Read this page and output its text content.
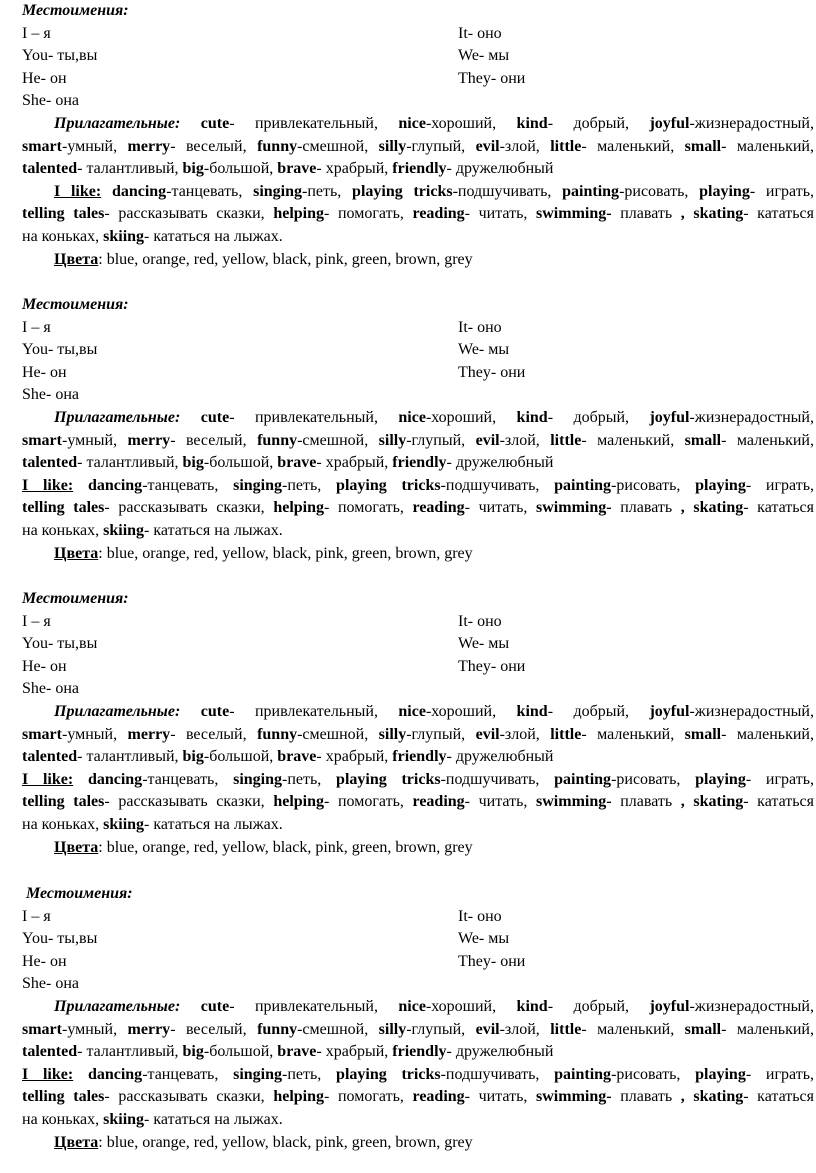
Местоимения:
I – я	It- оно
You- ты,вы	We- мы
He- он	They- они
She- она
Прилагательные: cute- привлекательный, nice-хороший, kind- добрый, joyful-жизнерадостный,
smart-умный, merry- веселый, funny-смешной, silly-глупый, evil-злой, little- маленький, small- маленький,
talented- талантливый, big-большой, brave- храбрый, friendly- дружелюбный
I like: dancing-танцевать, singing-петь, playing tricks-подшучивать, painting-рисовать, playing- играть,
telling tales- рассказывать сказки, helping- помогать, reading- читать, swimming- плавать , skating- кататься
на коньках, skiing- кататься на лыжах.
Цвета: blue, orange, red, yellow, black, pink, green, brown, grey
Местоимения:
I – я	It- оно
You- ты,вы	We- мы
He- он	They- они
She- она
Прилагательные: cute- привлекательный, nice-хороший, kind- добрый, joyful-жизнерадостный,
smart-умный, merry- веселый, funny-смешной, silly-глупый, evil-злой, little- маленький, small- маленький,
talented- талантливый, big-большой, brave- храбрый, friendly- дружелюбный
I like: dancing-танцевать, singing-петь, playing tricks-подшучивать, painting-рисовать, playing- играть,
telling tales- рассказывать сказки, helping- помогать, reading- читать, swimming- плавать , skating- кататься
на коньках, skiing- кататься на лыжах.
Цвета: blue, orange, red, yellow, black, pink, green, brown, grey
Местоимения:
I – я	It- оно
You- ты,вы	We- мы
He- он	They- они
She- она
Прилагательные: cute- привлекательный, nice-хороший, kind- добрый, joyful-жизнерадостный,
smart-умный, merry- веселый, funny-смешной, silly-глупый, evil-злой, little- маленький, small- маленький,
talented- талантливый, big-большой, brave- храбрый, friendly- дружелюбный
I like: dancing-танцевать, singing-петь, playing tricks-подшучивать, painting-рисовать, playing- играть,
telling tales- рассказывать сказки, helping- помогать, reading- читать, swimming- плавать , skating- кататься
на коньках, skiing- кататься на лыжах.
Цвета: blue, orange, red, yellow, black, pink, green, brown, grey
Местоимения:
I – я	It- оно
You- ты,вы	We- мы
He- он	They- они
She- она
Прилагательные: cute- привлекательный, nice-хороший, kind- добрый, joyful-жизнерадостный,
smart-умный, merry- веселый, funny-смешной, silly-глупый, evil-злой, little- маленький, small- маленький,
talented- талантливый, big-большой, brave- храбрый, friendly- дружелюбный
I like: dancing-танцевать, singing-петь, playing tricks-подшучивать, painting-рисовать, playing- играть,
telling tales- рассказывать сказки, helping- помогать, reading- читать, swimming- плавать , skating- кататься
на коньках, skiing- кататься на лыжах.
Цвета: blue, orange, red, yellow, black, pink, green, brown, grey
